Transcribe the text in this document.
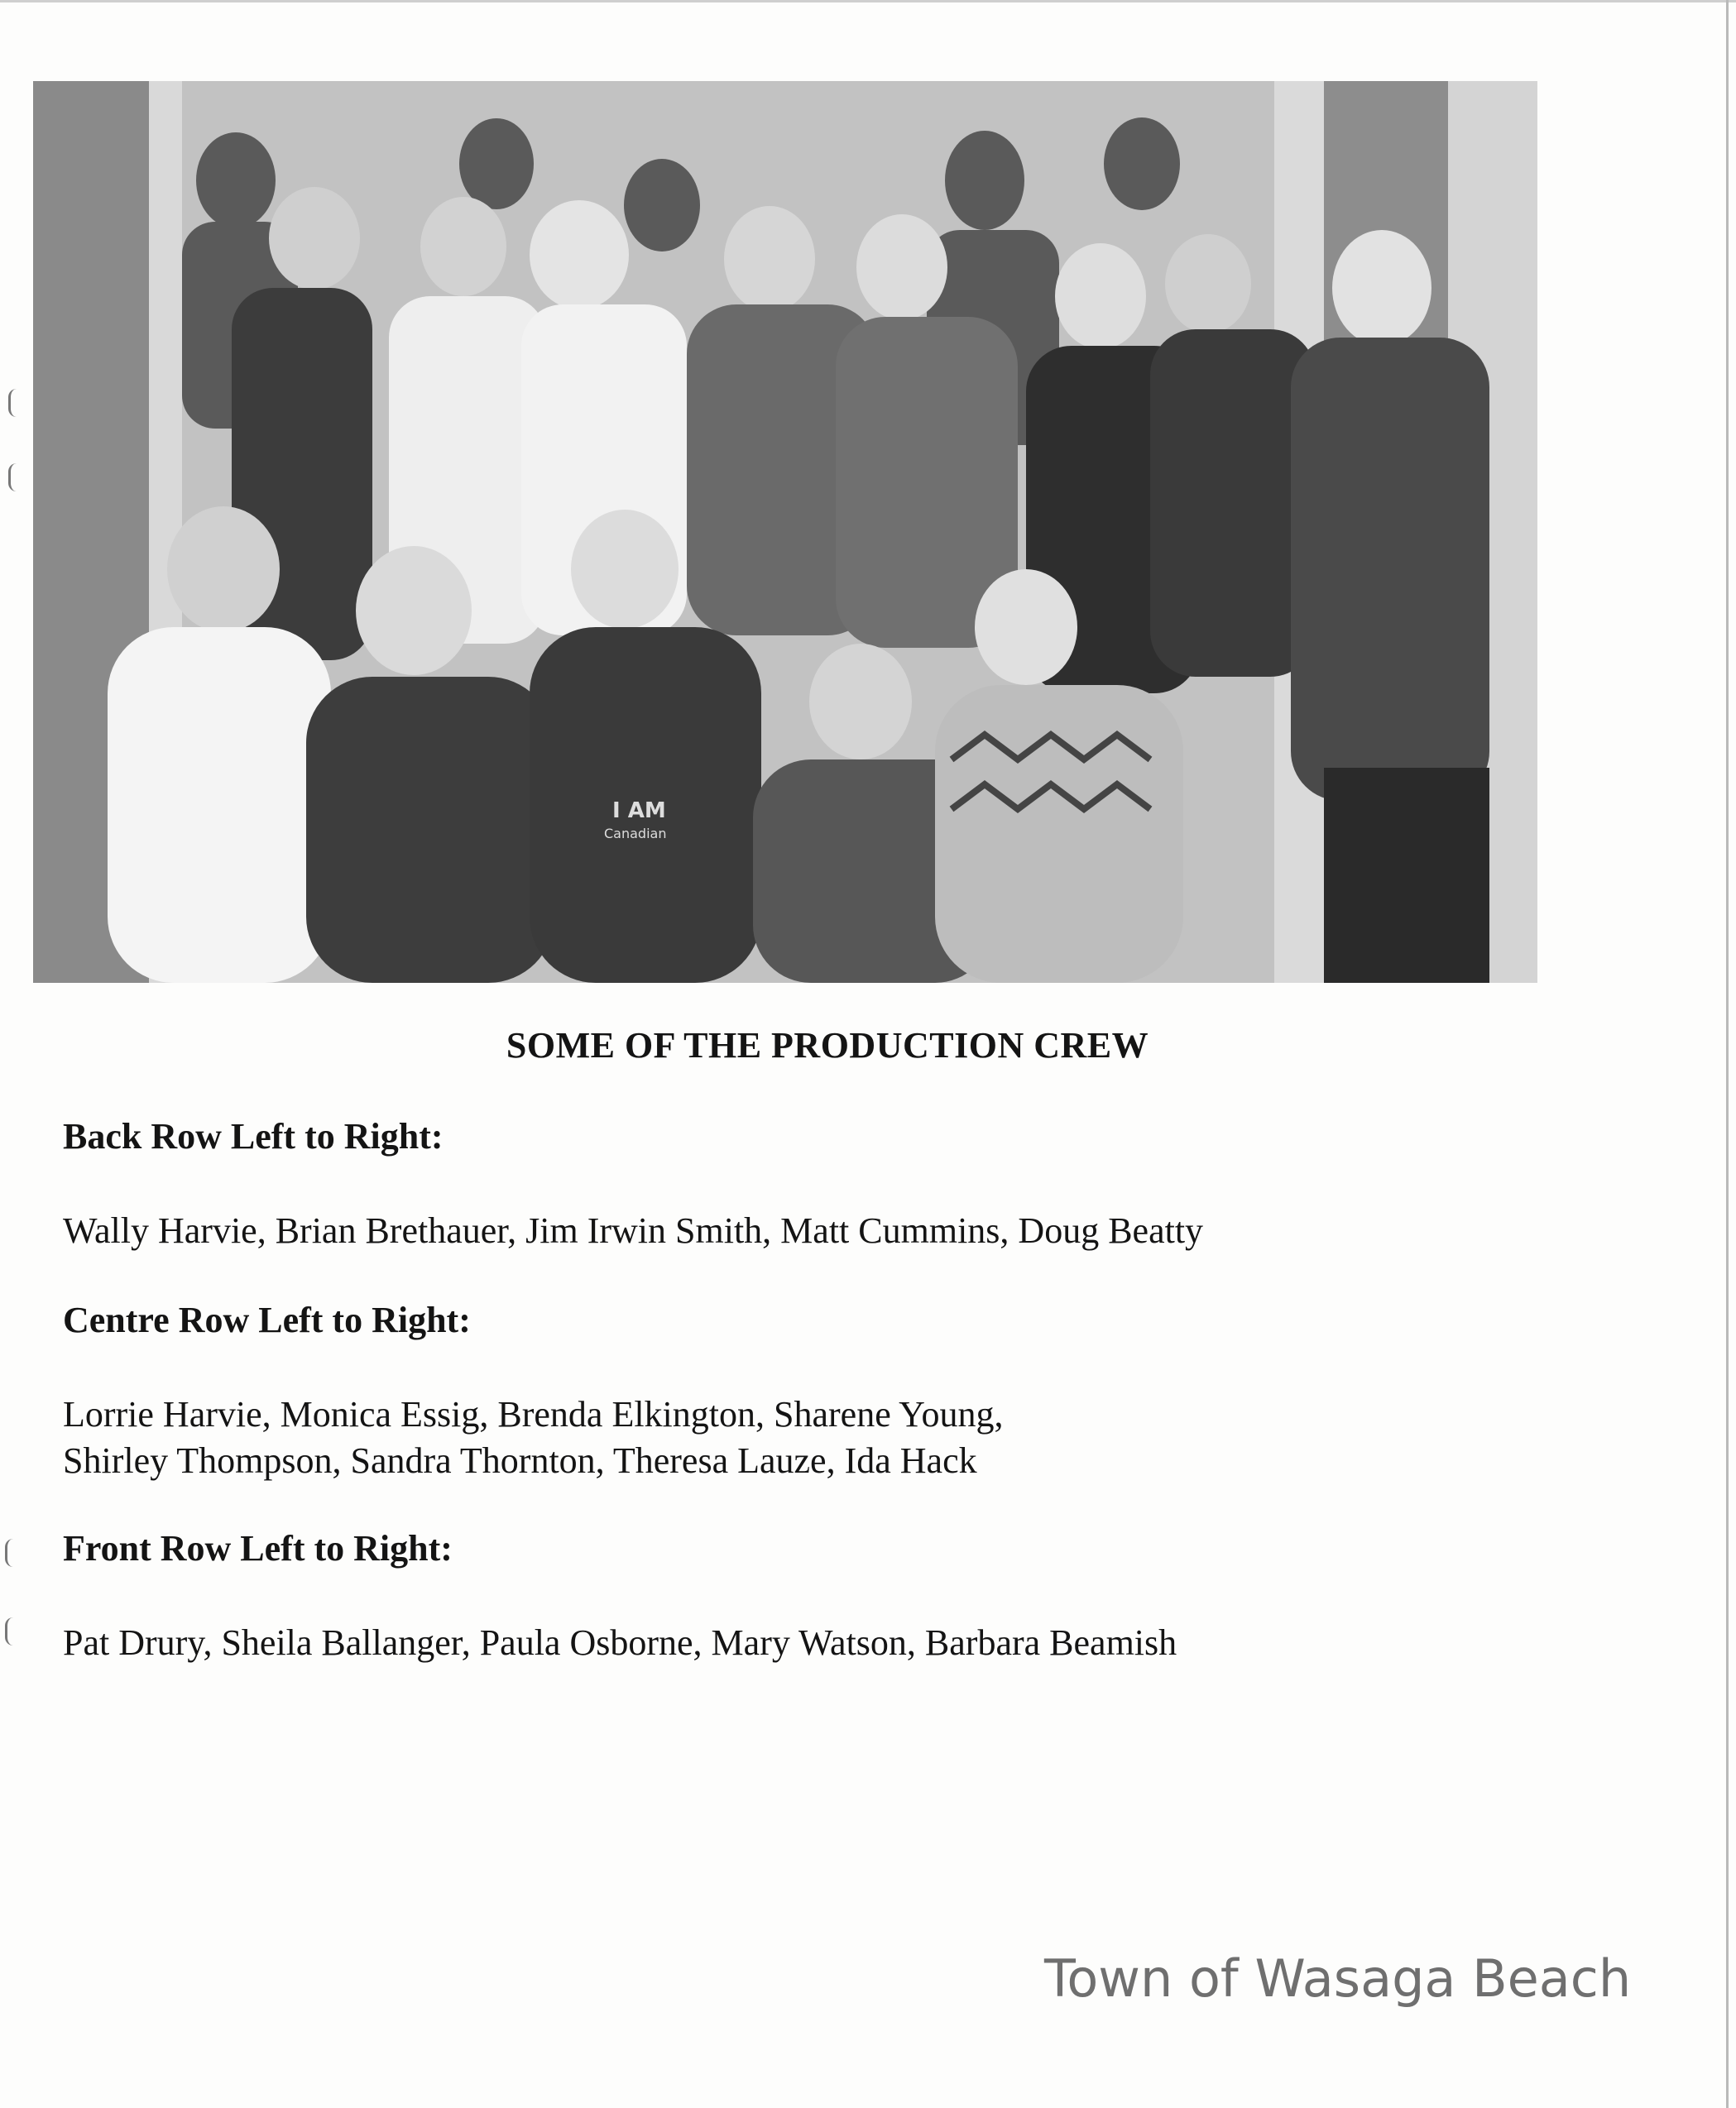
I AM
Canadian
SOME OF THE PRODUCTION CREW
Back Row Left to Right:
Wally Harvie, Brian Brethauer, Jim Irwin Smith, Matt Cummins, Doug Beatty
Centre Row Left to Right:
Lorrie Harvie, Monica Essig, Brenda Elkington, Sharene Young,
Shirley Thompson, Sandra Thornton, Theresa Lauze, Ida Hack
Front Row Left to Right:
Pat Drury, Sheila Ballanger, Paula Osborne, Mary Watson, Barbara Beamish
Town of Wasaga Beach
